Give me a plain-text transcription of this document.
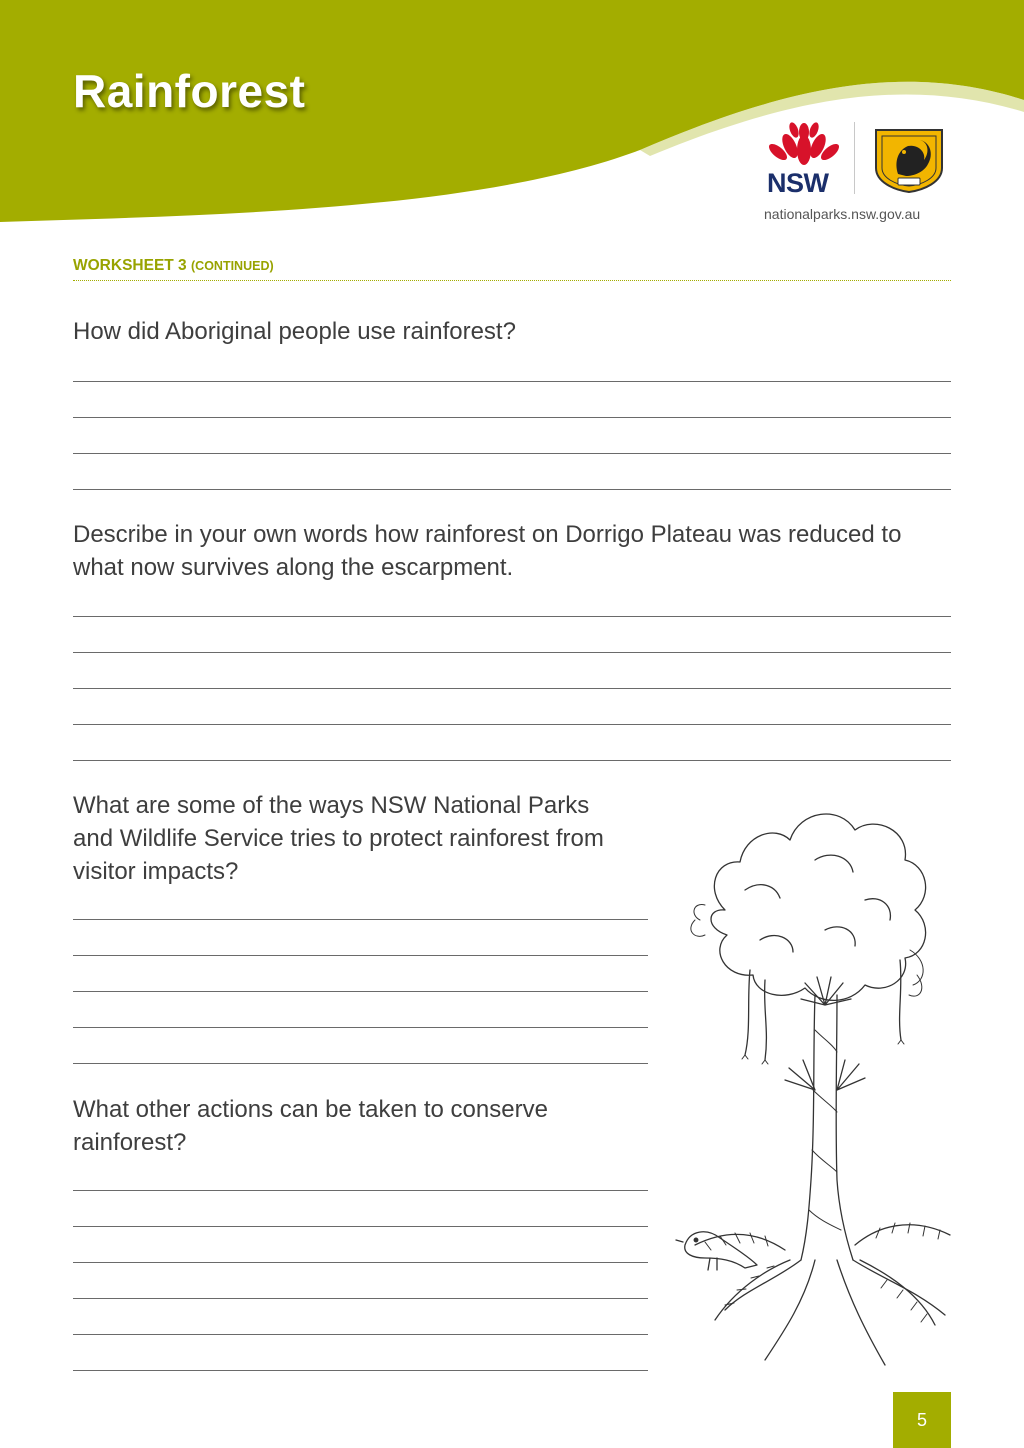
Rainforest
NSW
nationalparks.nsw.gov.au
WORKSHEET 3 (CONTINUED)

How did Aboriginal people use rainforest?

Describe in your own words how rainforest on Dorrigo Plateau was reduced to what now survives along the escarpment.

What are some of the ways NSW National Parks and Wildlife Service tries to protect rainforest from visitor impacts?

What other actions can be taken to conserve rainforest?

5
